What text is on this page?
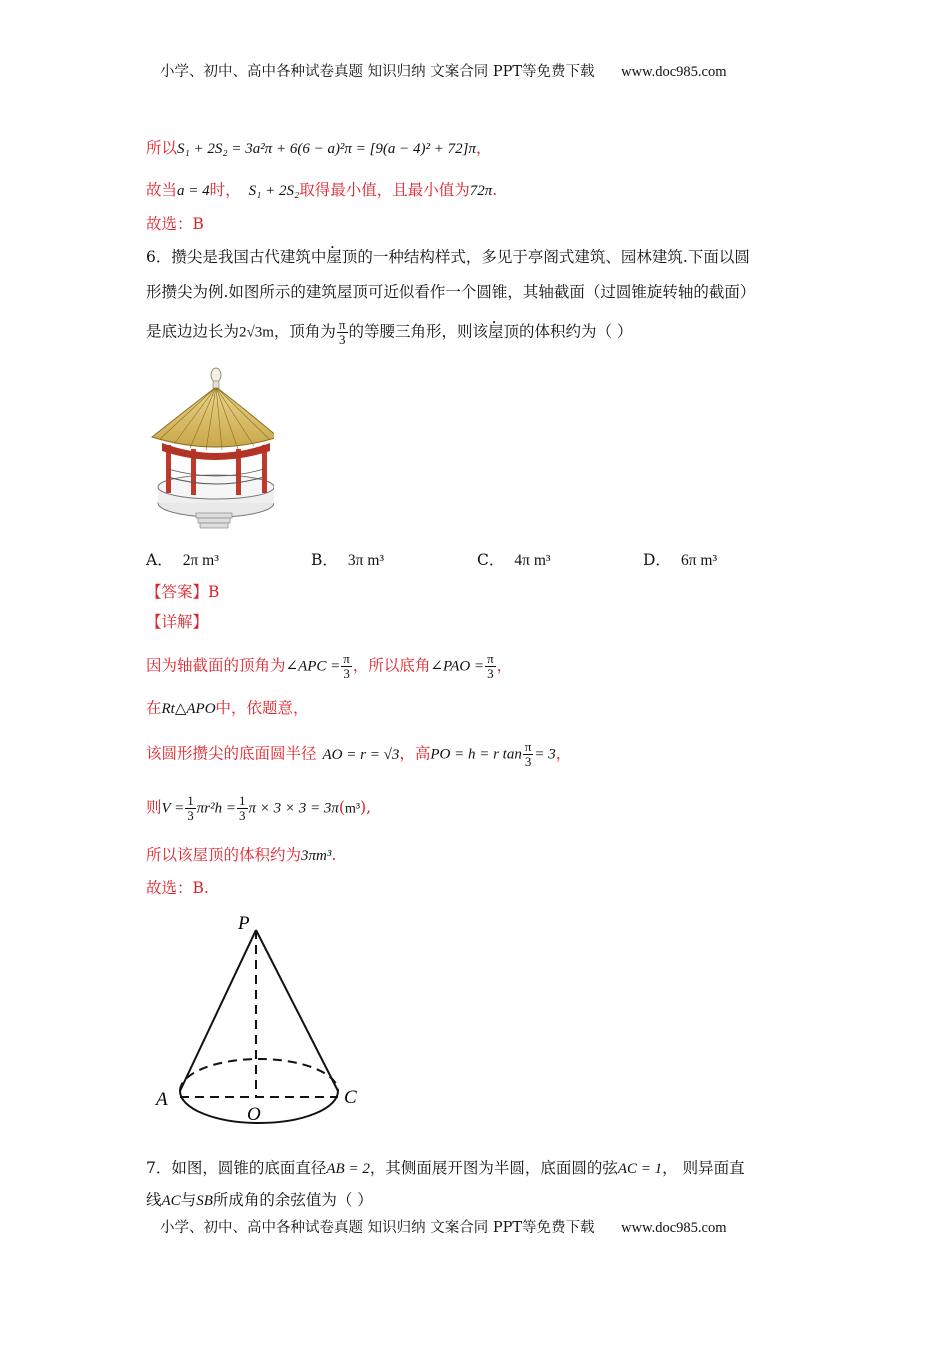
小学、初中、高中各种试卷真题 知识归纳 文案合同 PPT等免费下载 www.doc985.com
所以S₁ + 2S₂ = 3a²π + 6(6 − a)²π = [9(a − 4)² + 72]π，
故当a = 4时， S₁ + 2S₂取得最小值，且最小值为72π.
故选：B
6．攒尖是我国古代建筑中屋顶的一种结构样式，多见于亭阁式建筑、园林建筑.下面以圆
形攒尖为例.如图所示的建筑屋顶可近似看作一个圆锥，其轴截面（过圆锥旋转轴的截面）
是底边边长为2√3m，顶角为 $\frac{\pi}{3}$ 的等腰三角形，则该屋顶的体积约为（ ）
A． 2π m³	B． 3π m³	C． 4π m³	D． 6π m³
【答案】B
【详解】
因为轴截面的顶角为∠APC = $\frac{\pi}{3}$ ，所以底角∠PAO = $\frac{\pi}{3}$ ，
在Rt△APO中，依题意，
该圆形攒尖的底面圆半径 AO = r = √3，高PO = h = r $\tan \frac{\pi}{3} = 3$，
则$V = \frac{1}{3} \pi r^2h = \frac{1}{3}$ π × 3 × 3 = 3π(m³),
所以该屋顶的体积约为3πm³.
故选：B.
P
A
O
C
7．如图，圆锥的底面直径AB = 2，其侧面展开图为半圆，底面圆的弦AC = 1， 则异面直
线AC与SB所成角的余弦值为（ ）
小学、初中、高中各种试卷真题 知识归纳 文案合同 PPT等免费下载 www.doc985.com
